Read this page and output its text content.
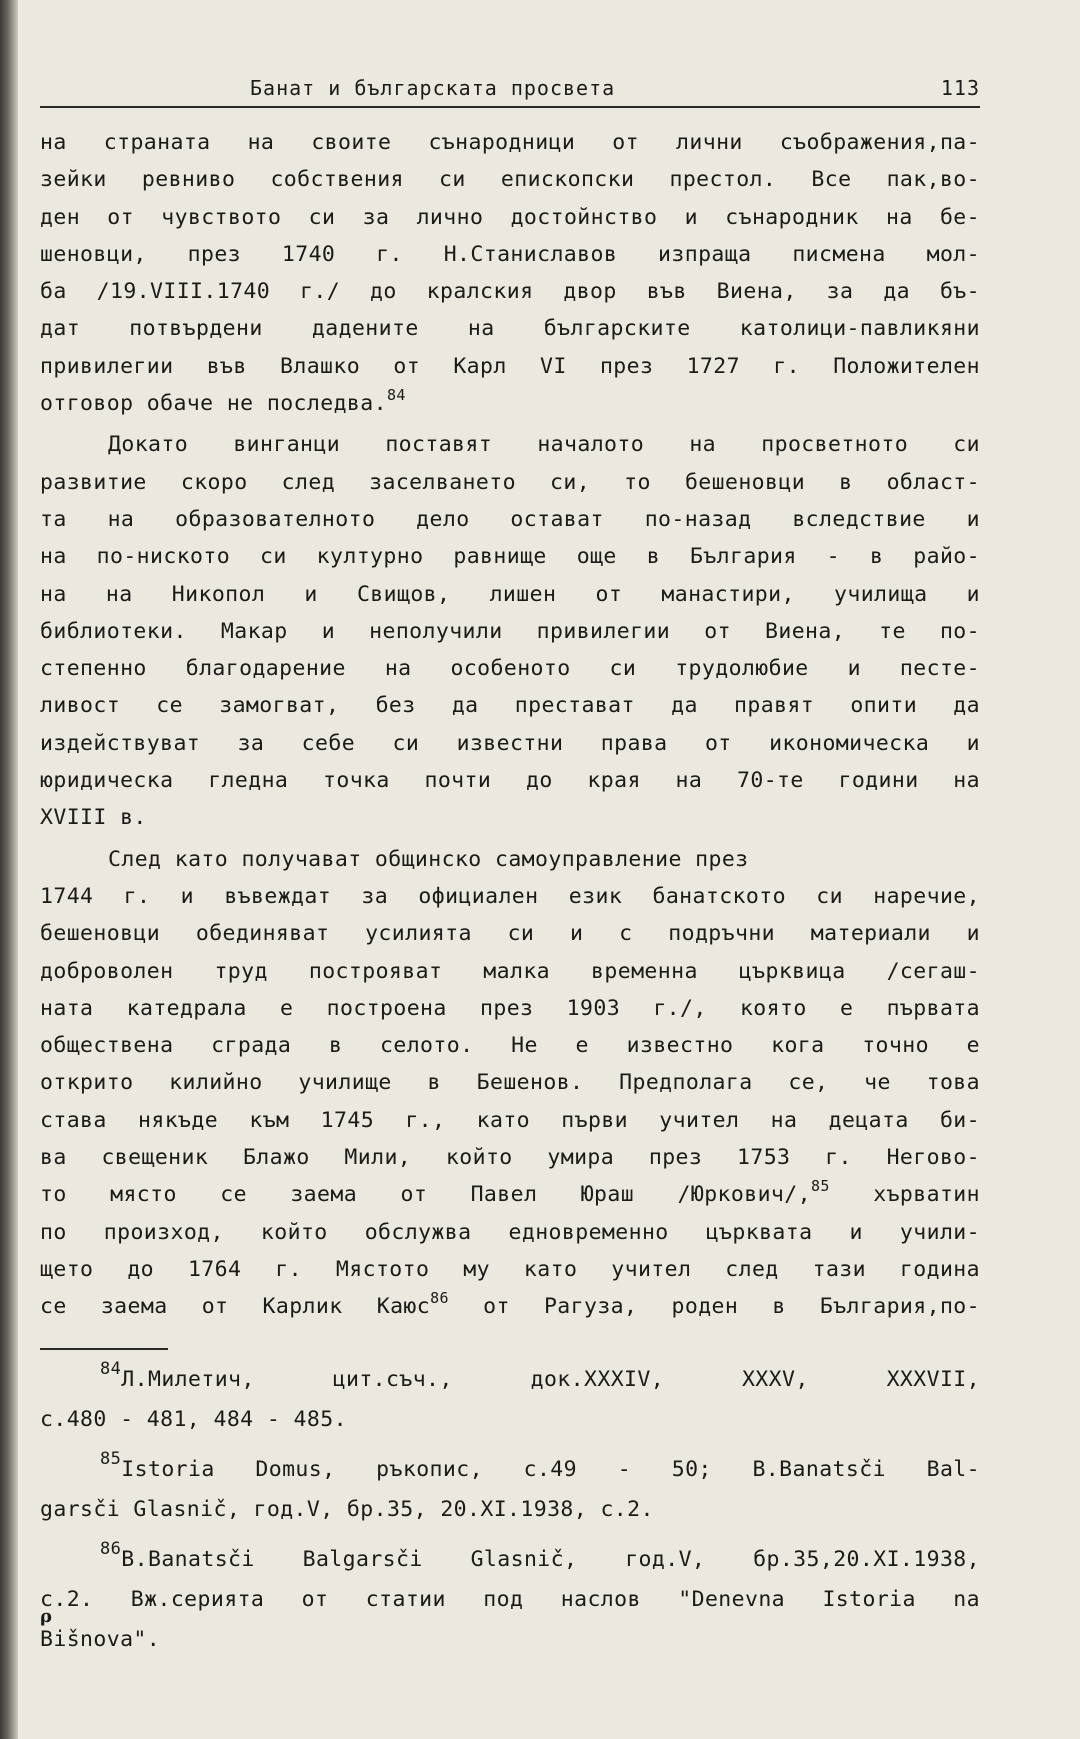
Банат и българската просвета	113
на страната на своите сънародници от лични съображения,па-
зейки ревниво собствения си епископски престол. Все пак,во-
ден от чувството си за лично достойнство и сънародник на бе-
шеновци, през 1740 г. Н.Станиславов изпраща писмена мол-
ба /19.VIII.1740 г./ до кралския двор във Виена, за да бъ-
дат потвърдени дадените на българските католици-павликяни
привилегии във Влашко от Карл VI през 1727 г. Положителен
отговор обаче не последва.$^{84}$
Докато винганци поставят началото на просветното си
развитие скоро след заселването си, то бешеновци в област-
та на образователното дело остават по-назад вследствие и
на по-ниското си културно равнище още в България - в райо-
на на Никопол и Свищов, лишен от манастири, училища и
библиотеки. Макар и неполучили привилегии от Виена, те по-
степенно благодарение на особеното си трудолюбие и песте-
ливост се замогват, без да престават да правят опити да
издействуват за себе си известни права от икономическа и
юридическа гледна точка почти до края на 70-те години на
XVIII в.
След като получават общинско самоуправление през
1744 г. и въвеждат за официален език банатското си наречие,
бешеновци обединяват усилията си и с подръчни материали и
доброволен труд построяват малка временна църквица /сегаш-
ната катедрала е построена през 1903 г./, която е първата
обществена сграда в селото. Не е известно кога точно е
открито килийно училище в Бешенов. Предполага се, че това
става някъде към 1745 г., като първи учител на децата би-
ва свещеник Блажо Мили, който умира през 1753 г. Негово-
то място се заема от Павел Юраш /Юркович/,$^{85}$ хърватин
по произход, който обслужва едновременно църквата и учили-
щето до 1764 г. Мястото му като учител след тази година
се заема от Карлик Каюс$^{86}$ от Рагуза, роден в България,по-
$^{84}$Л.Милетич, цит.съч., док.XXXIV, XXXV, XXXVII,
с.480 - 481, 484 - 485.
$^{85}$Istoria Domus, ръкопис, с.49 - 50; B.Banatsči Bal-
garsči Glasnič, год.V, бр.35, 20.XI.1938, с.2.
$^{86}$B.Banatsči Balgarsči Glasnič, год.V, бр.35,20.XI.1938,
с.2. Вж.серията от статии под наслов "Denevna Istoria na
Bišnova".
ρ
